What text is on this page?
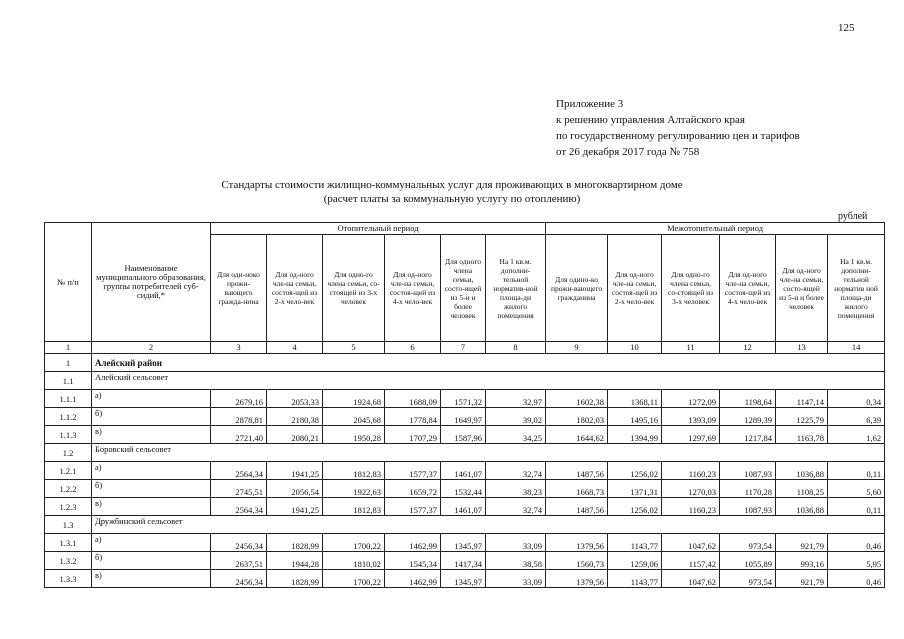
125
Приложение 3
к решению управления Алтайского края
по государственному регулированию цен и тарифов
от 26 декабря 2017 года № 758
Стандарты стоимости жилищно-коммунальных услуг для проживающих в многоквартирном доме
(расчет платы за коммунальную услугу по отоплению)
рублей
№ п/п	Наименование муниципального образования, группы потребителей суб-сидий,*	Отопительный период						Межотопительный период					
		Для оди-ноко прожи-вающего гражда-нина	Для од-ного чле-на семьи, состоя-щей из 2-х чело-век	Для одно-го члена семьи, со-стоящей из 3-х человек	Для од-ного чле-на семьи, состоя-щей из 4-х чело-век	Для одного члена семьи, состо-ящей из 5-и и более человек	На 1 кв.м. дополни-тельной норматив-ной площа-ди жилого помещения	Для одино-ко прожи-вающего гражданина	Для од-ного чле-на семьи, состоя-щей из 2-х чело-век	Для одно-го члена семьи, со-стоящей из 3-х человек	Для од-ного чле-на семьи, состоя-щей из 4-х чело-век	Для од-ного чле-на семьи, состо-ящей из 5-и и более человек	На 1 кв.м. дополни-тельной норматив ной площа-ди жилого помещения
1	2	3	4	5	6	7	8	9	10	11	12	13	14
1	Алейский район												
1.1	Алейский сельсовет												
1.1.1	а)	2679,16	2053,33	1924,68	1688,09	1571,32	32,97	1602,38	1368,11	1272,09	1198,64	1147,14	0,34
1.1.2	б)	2878,81	2180,38	2045,68	1778,84	1649,97	39,02	1802,03	1495,16	1393,09	1289,39	1225,79	6,39
1.1.3	в)	2721,40	2080,21	1950,28	1707,29	1587,96	34,25	1644,62	1394,99	1297,69	1217,84	1163,78	1,62
1.2	Боровский сельсовет												
1.2.1	а)	2564,34	1941,25	1812,83	1577,37	1461,07	32,74	1487,56	1256,02	1160,23	1087,93	1036,88	0,11
1.2.2	б)	2745,51	2056,54	1922,63	1659,72	1532,44	38,23	1668,73	1371,31	1270,03	1170,28	1108,25	5,60
1.2.3	в)	2564,34	1941,25	1812,83	1577,37	1461,07	32,74	1487,56	1256,02	1160,23	1087,93	1036,88	0,11
1.3	Дружбинский сельсовет												
1.3.1	а)	2456,34	1828,99	1700,22	1462,99	1345,97	33,09	1379,56	1143,77	1047,62	973,54	921,79	0,46
1.3.2	б)	2637,51	1944,28	1810,02	1545,34	1417,34	38,58	1560,73	1259,06	1157,42	1055,89	993,16	5,95
1.3.3	в)	2456,34	1828,99	1700,22	1462,99	1345,97	33,09	1379,56	1143,77	1047,62	973,54	921,79	0,46
